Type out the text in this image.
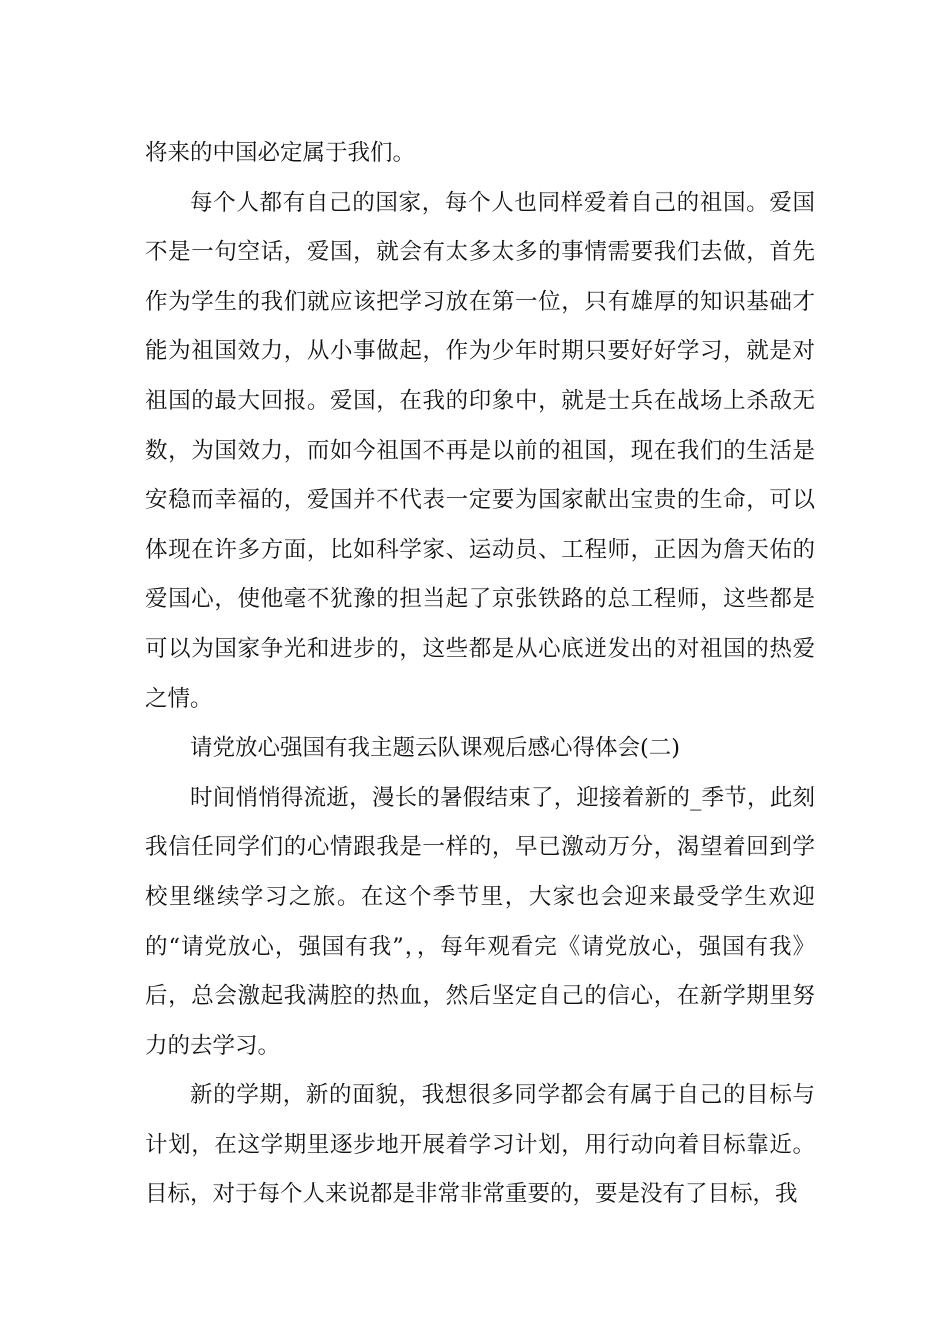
将来的中国必定属于我们。

每个人都有自己的国家，每个人也同样爱着自己的祖国。爱国不是一句空话，爱国，就会有太多太多的事情需要我们去做，首先作为学生的我们就应该把学习放在第一位，只有雄厚的知识基础才能为祖国效力，从小事做起，作为少年时期只要好好学习，就是对祖国的最大回报。爱国，在我的印象中，就是士兵在战场上杀敌无数，为国效力，而如今祖国不再是以前的祖国，现在我们的生活是安稳而幸福的，爱国并不代表一定要为国家献出宝贵的生命，可以体现在许多方面，比如科学家、运动员、工程师，正因为詹天佑的爱国心，使他毫不犹豫的担当起了京张铁路的总工程师，这些都是可以为国家争光和进步的，这些都是从心底迸发出的对祖国的热爱之情。

请党放心强国有我主题云队课观后感心得体会(二)

时间悄悄得流逝，漫长的暑假结束了，迎接着新的_季节，此刻我信任同学们的心情跟我是一样的，早已激动万分，渴望着回到学校里继续学习之旅。在这个季节里，大家也会迎来最受学生欢迎的“请党放心，强国有我”，，每年观看完《请党放心，强国有我》后，总会激起我满腔的热血，然后坚定自己的信心，在新学期里努力的去学习。

新的学期，新的面貌，我想很多同学都会有属于自己的目标与计划，在这学期里逐步地开展着学习计划，用行动向着目标靠近。目标，对于每个人来说都是非常非常重要的，要是没有了目标，我
